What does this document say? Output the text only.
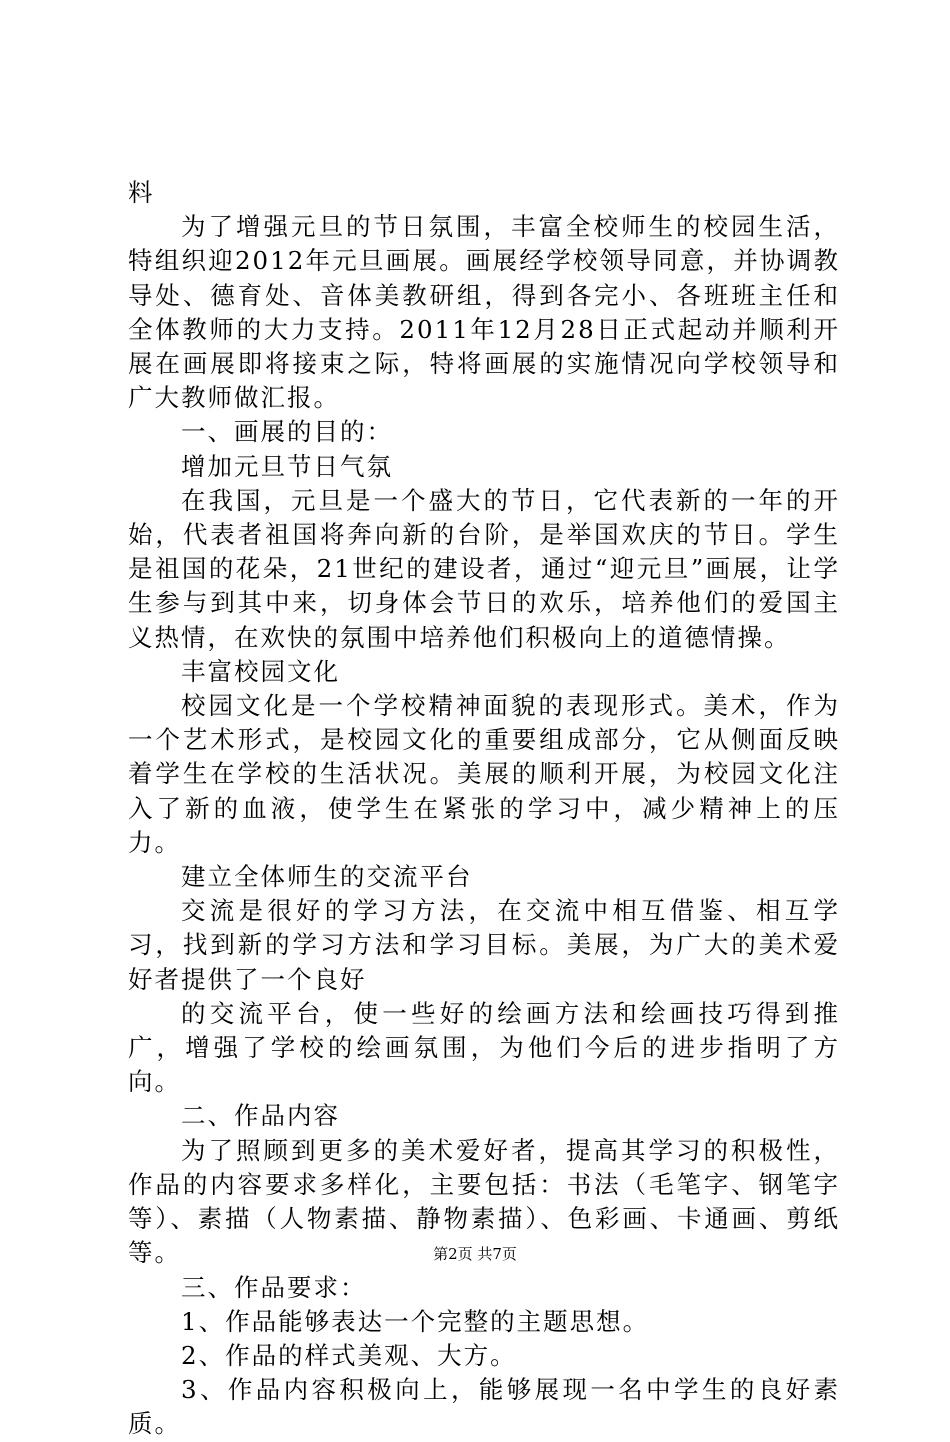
料

为了增强元旦的节日氛围，丰富全校师生的校园生活，特组织迎2012年元旦画展。画展经学校领导同意，并协调教导处、德育处、音体美教研组，得到各完小、各班班主任和全体教师的大力支持。2011年12月28日正式起动并顺利开展在画展即将接束之际，特将画展的实施情况向学校领导和广大教师做汇报。

一、画展的目的：

增加元旦节日气氛

在我国，元旦是一个盛大的节日，它代表新的一年的开始，代表者祖国将奔向新的台阶，是举国欢庆的节日。学生是祖国的花朵，21世纪的建设者，通过“迎元旦”画展，让学生参与到其中来，切身体会节日的欢乐，培养他们的爱国主义热情，在欢快的氛围中培养他们积极向上的道德情操。

丰富校园文化

校园文化是一个学校精神面貌的表现形式。美术，作为一个艺术形式，是校园文化的重要组成部分，它从侧面反映着学生在学校的生活状况。美展的顺利开展，为校园文化注入了新的血液，使学生在紧张的学习中，减少精神上的压力。

建立全体师生的交流平台

交流是很好的学习方法，在交流中相互借鉴、相互学习，找到新的学习方法和学习目标。美展，为广大的美术爱好者提供了一个良好

的交流平台，使一些好的绘画方法和绘画技巧得到推广，增强了学校的绘画氛围，为他们今后的进步指明了方向。

二、作品内容

为了照顾到更多的美术爱好者，提高其学习的积极性，作品的内容要求多样化，主要包括：书法（毛笔字、钢笔字等）、素描（人物素描、静物素描）、色彩画、卡通画、剪纸等。

三、作品要求：

1、作品能够表达一个完整的主题思想。

2、作品的样式美观、大方。

3、作品内容积极向上，能够展现一名中学生的良好素质。

第2页 共7页
